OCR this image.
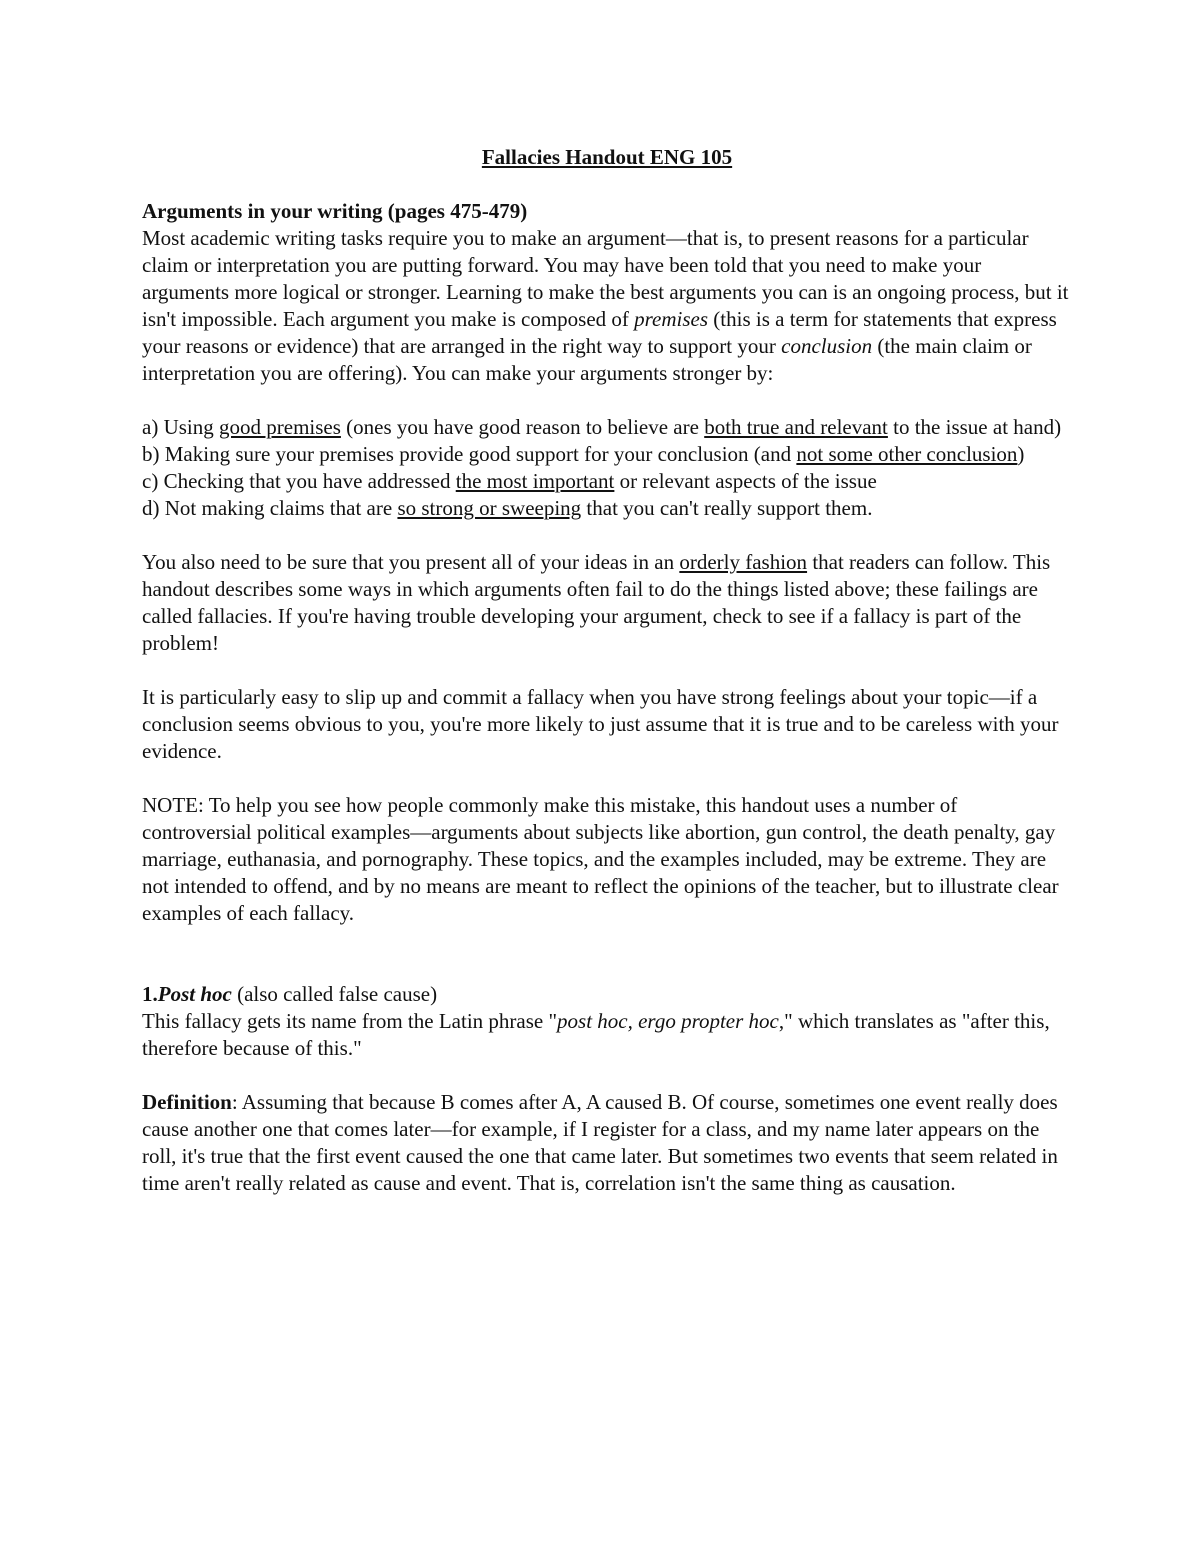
Fallacies Handout ENG 105

Arguments in your writing (pages 475-479)

Most academic writing tasks require you to make an argument—that is, to present reasons for a particular claim or interpretation you are putting forward. You may have been told that you need to make your arguments more logical or stronger. Learning to make the best arguments you can is an ongoing process, but it isn't impossible. Each argument you make is composed of premises (this is a term for statements that express your reasons or evidence) that are arranged in the right way to support your conclusion (the main claim or interpretation you are offering). You can make your arguments stronger by:

a) Using good premises (ones you have good reason to believe are both true and relevant to the issue at hand)

b) Making sure your premises provide good support for your conclusion (and not some other conclusion)

c) Checking that you have addressed the most important or relevant aspects of the issue

d) Not making claims that are so strong or sweeping that you can't really support them.

You also need to be sure that you present all of your ideas in an orderly fashion that readers can follow. This handout describes some ways in which arguments often fail to do the things listed above; these failings are called fallacies. If you're having trouble developing your argument, check to see if a fallacy is part of the problem!

It is particularly easy to slip up and commit a fallacy when you have strong feelings about your topic—if a conclusion seems obvious to you, you're more likely to just assume that it is true and to be careless with your evidence.

NOTE: To help you see how people commonly make this mistake, this handout uses a number of controversial political examples—arguments about subjects like abortion, gun control, the death penalty, gay marriage, euthanasia, and pornography. These topics, and the examples included, may be extreme. They are not intended to offend, and by no means are meant to reflect the opinions of the teacher, but to illustrate clear examples of each fallacy.

1.Post hoc (also called false cause)

This fallacy gets its name from the Latin phrase "post hoc, ergo propter hoc," which translates as "after this, therefore because of this."

Definition: Assuming that because B comes after A, A caused B. Of course, sometimes one event really does cause another one that comes later—for example, if I register for a class, and my name later appears on the roll, it's true that the first event caused the one that came later. But sometimes two events that seem related in time aren't really related as cause and event. That is, correlation isn't the same thing as causation.
